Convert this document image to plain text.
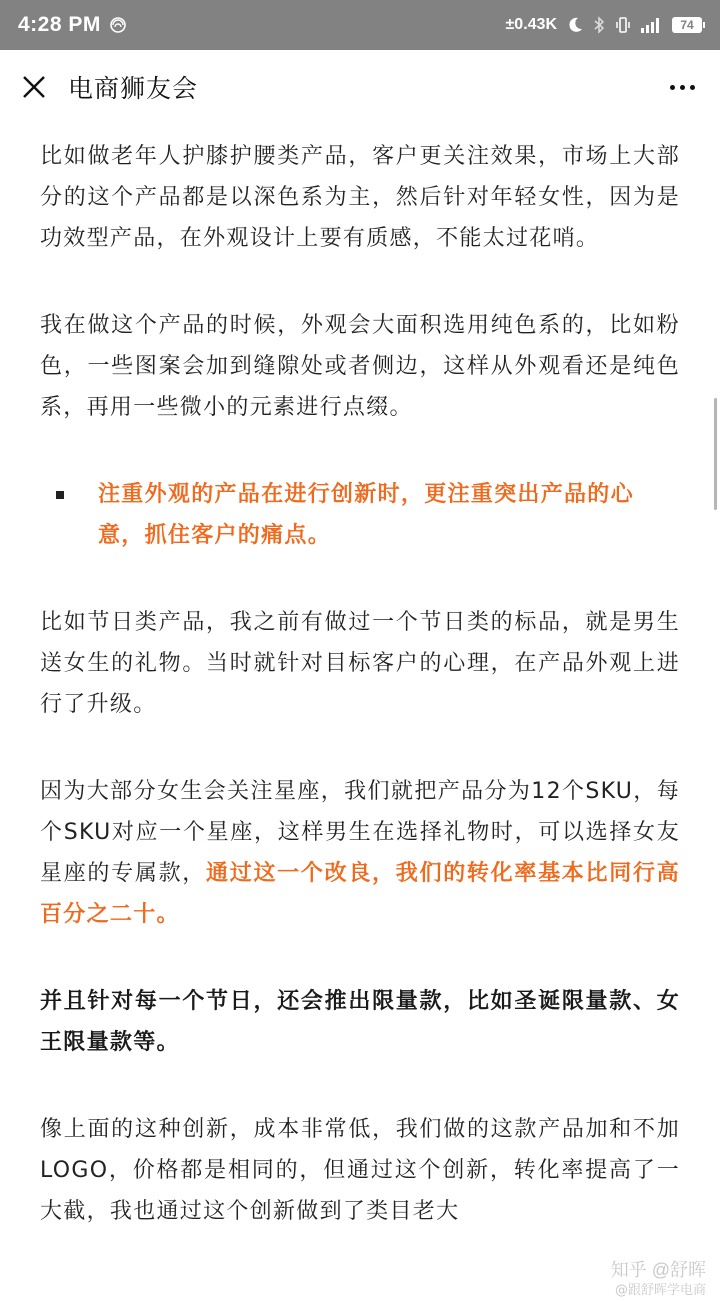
4:28 PM	±0.43K	74
电商狮友会

比如做老年人护膝护腰类产品，客户更关注效果，市场上大部分的这个产品都是以深色系为主，然后针对年轻女性，因为是功效型产品，在外观设计上要有质感，不能太过花哨。

我在做这个产品的时候，外观会大面积选用纯色系的，比如粉色，一些图案会加到缝隙处或者侧边，这样从外观看还是纯色系，再用一些微小的元素进行点缀。

注重外观的产品在进行创新时，更注重突出产品的心意，抓住客户的痛点。

比如节日类产品，我之前有做过一个节日类的标品，就是男生送女生的礼物。当时就针对目标客户的心理，在产品外观上进行了升级。

因为大部分女生会关注星座，我们就把产品分为12个SKU，每个SKU对应一个星座，这样男生在选择礼物时，可以选择女友星座的专属款，通过这一个改良，我们的转化率基本比同行高百分之二十。

并且针对每一个节日，还会推出限量款，比如圣诞限量款、女王限量款等。

像上面的这种创新，成本非常低，我们做的这款产品加和不加LOGO，价格都是相同的，但通过这个创新，转化率提高了一大截，我也通过这个创新做到了类目老大

知乎 @舒晖
@跟舒晖学电商
